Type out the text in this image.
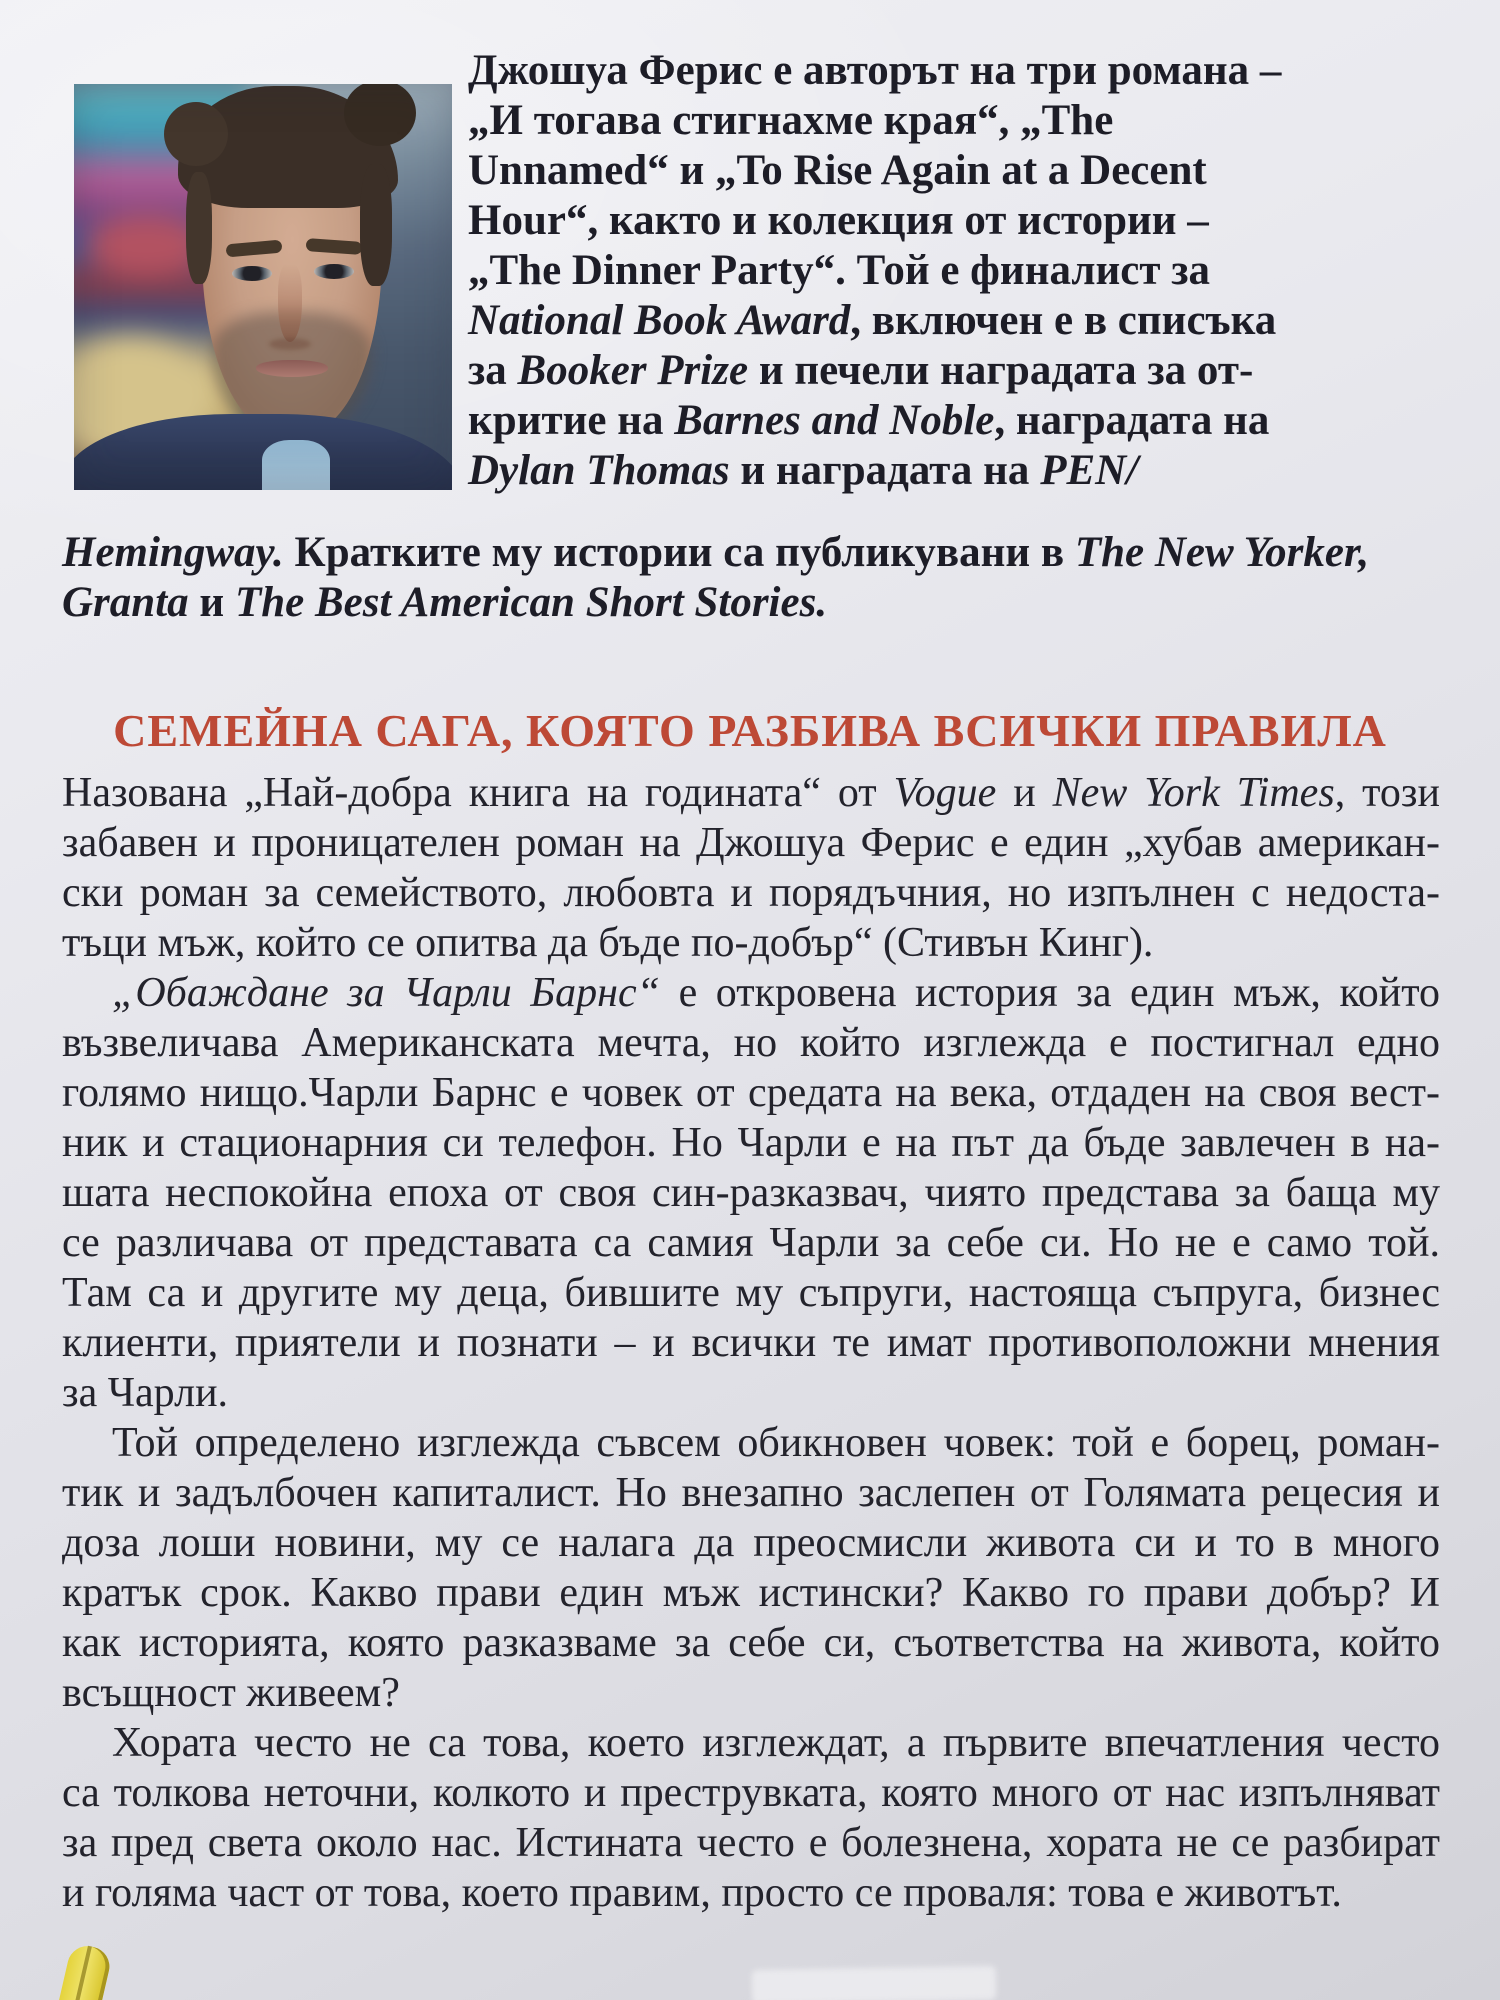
Джошуа Ферис е авторът на три романа –
„И тогава стигнахме края“, „The
Unnamed“ и „To Rise Again at a Decent
Hour“, както и колекция от истории –
„The Dinner Party“. Той е финалист за
National Book Award, включен е в списъка
за Booker Prize и печели наградата за от-
критие на Barnes and Noble, наградата на
Dylan Thomas и наградата на PEN/
Hemingway. Кратките му истории са публикувани в The New Yorker,
Granta и The Best American Short Stories.
СЕМЕЙНА САГА, КОЯТО РАЗБИВА ВСИЧКИ ПРАВИЛА
Назована „Най-добра книга на годината“ от Vogue и New York Times, този
забавен и проницателен роман на Джошуа Ферис е един „хубав американ-
ски роман за семейството, любовта и порядъчния, но изпълнен с недоста-
тъци мъж, който се опитва да бъде по-добър“ (Стивън Кинг).
„Обаждане за Чарли Барнс“ е откровена история за един мъж, който
възвеличава Американската мечта, но който изглежда е постигнал едно
голямо нищо.Чарли Барнс е човек от средата на века, отдаден на своя вест-
ник и стационарния си телефон. Но Чарли е на път да бъде завлечен в на-
шата неспокойна епоха от своя син-разказвач, чиято представа за баща му
се различава от представата са самия Чарли за себе си. Но не е само той.
Там са и другите му деца, бившите му съпруги, настояща съпруга, бизнес
клиенти, приятели и познати – и всички те имат противоположни мнения
за Чарли.
Той определено изглежда съвсем обикновен човек: той е борец, роман-
тик и задълбочен капиталист. Но внезапно заслепен от Голямата рецесия и
доза лоши новини, му се налага да преосмисли живота си и то в много
кратък срок. Какво прави един мъж истински? Какво го прави добър? И
как историята, която разказваме за себе си, съответства на живота, който
всъщност живеем?
Хората често не са това, което изглеждат, а първите впечатления често
са толкова неточни, колкото и преструвката, която много от нас изпълняват
за пред света около нас. Истината често е болезнена, хората не се разбират
и голяма част от това, което правим, просто се проваля: това е животът.
